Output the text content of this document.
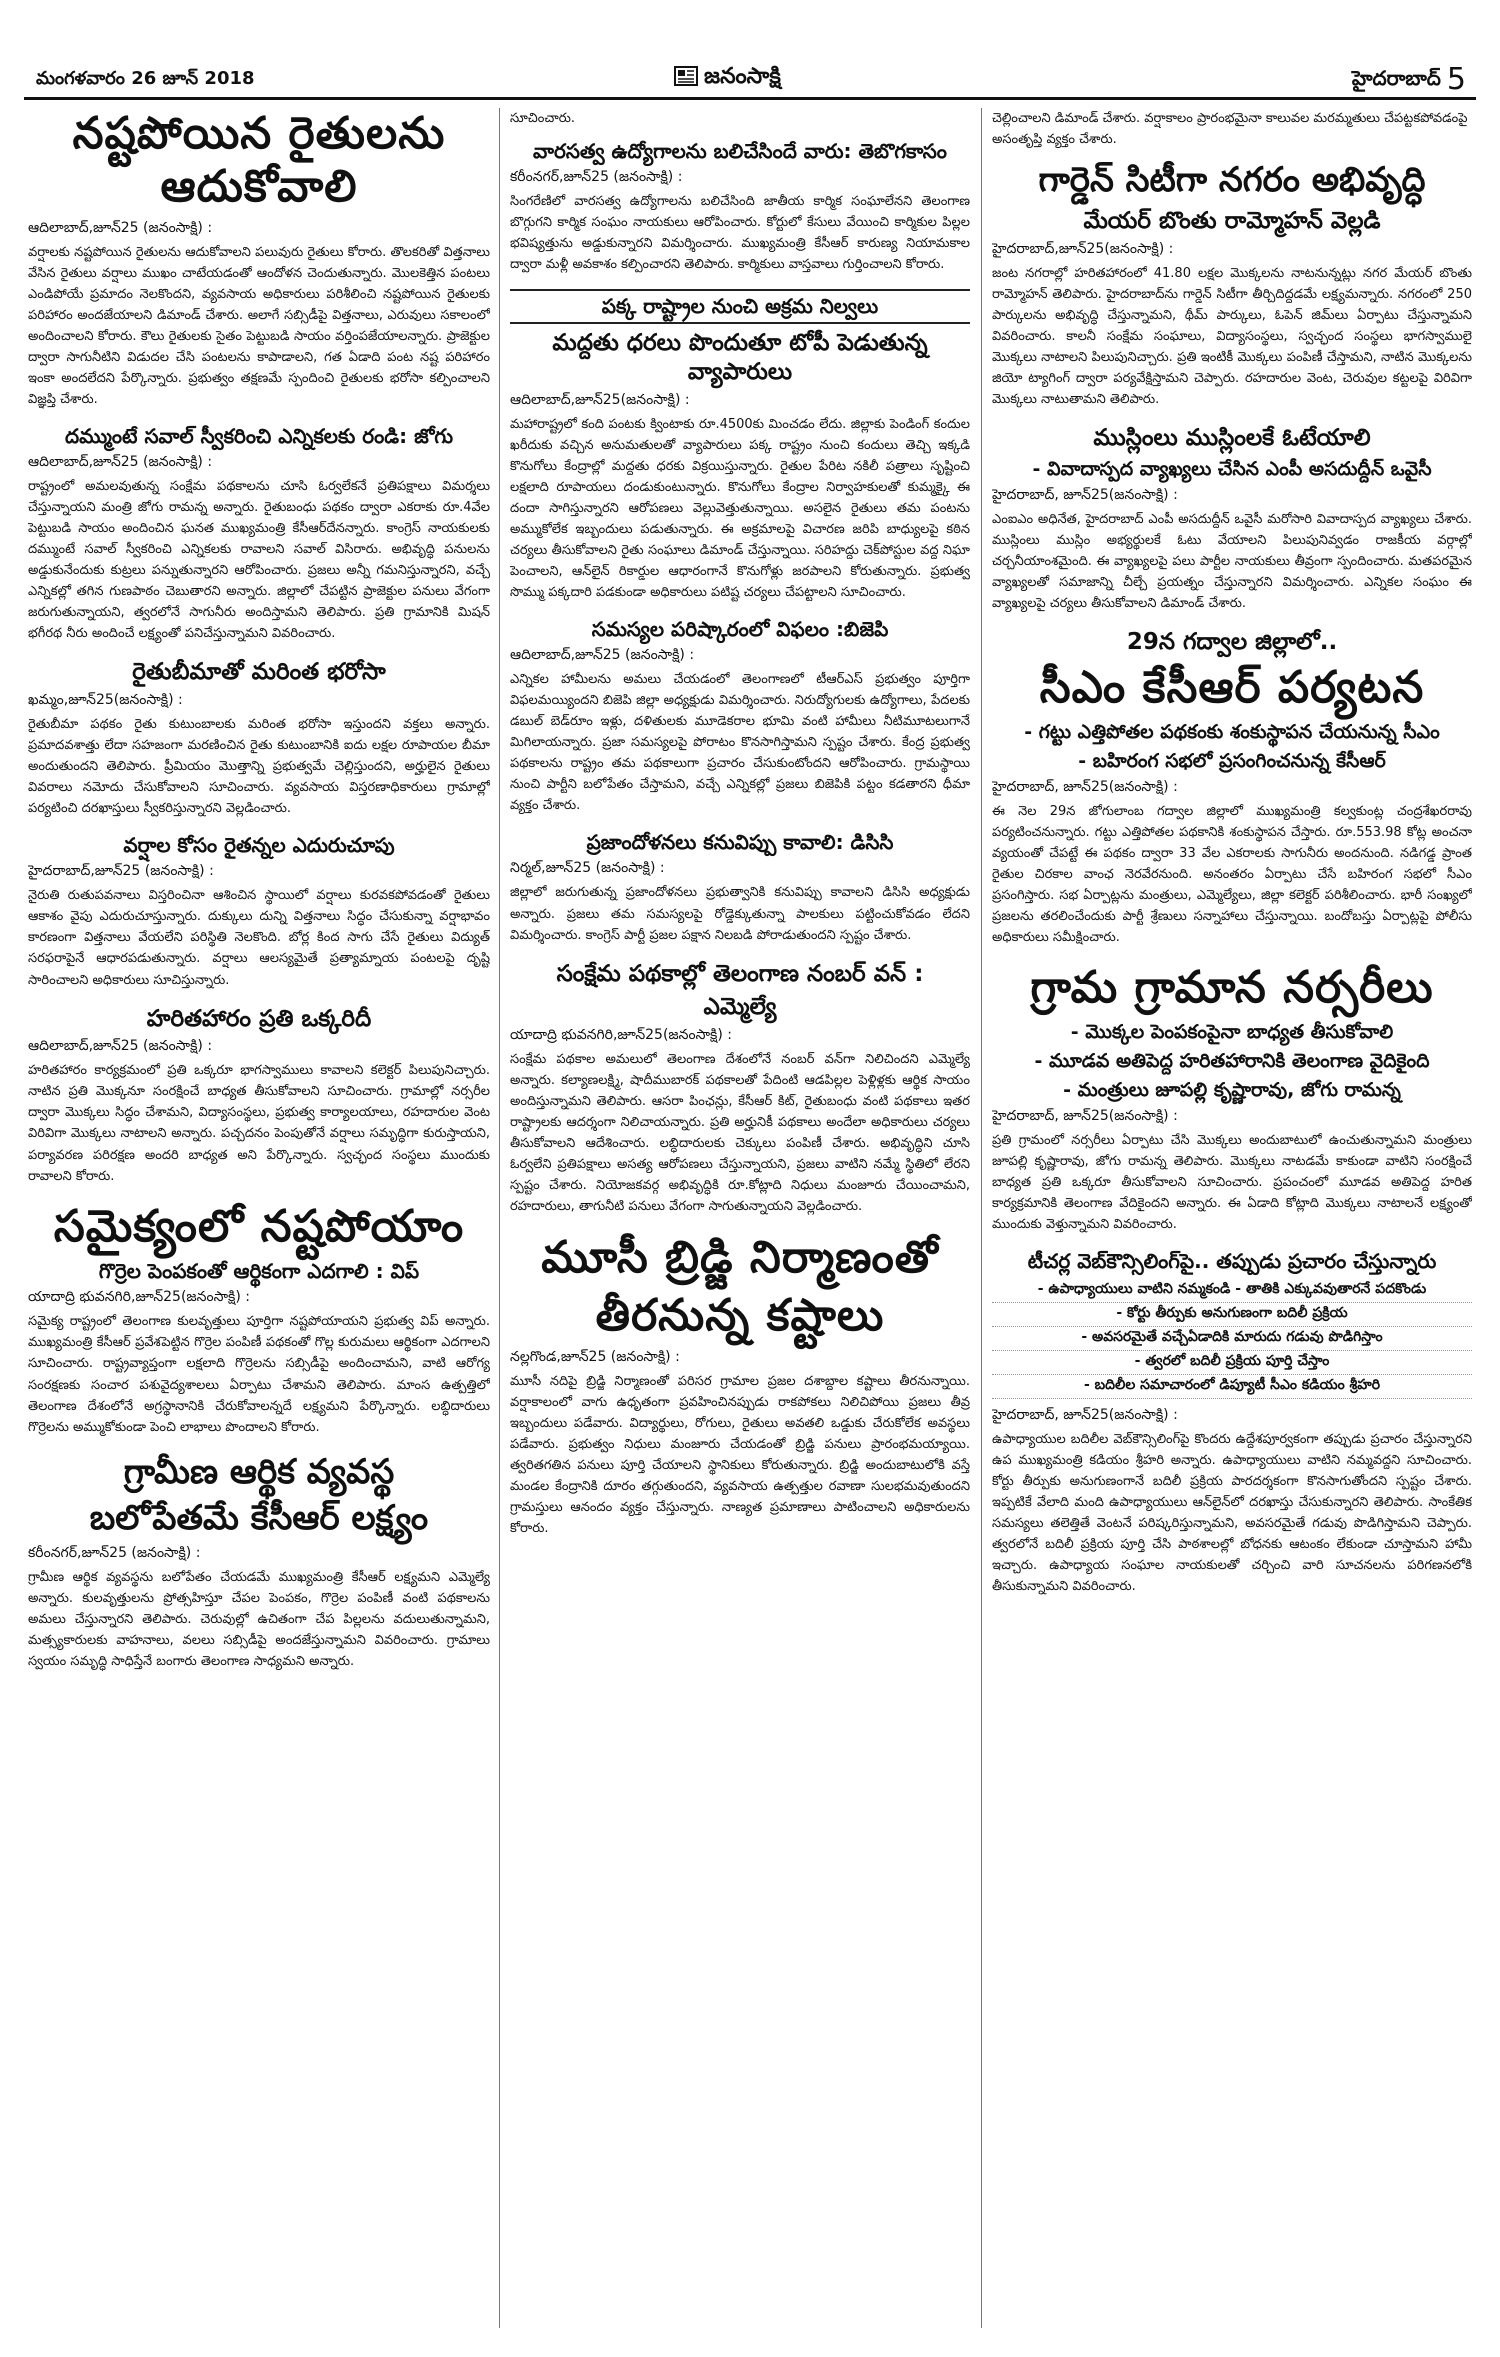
మంగళవారం 26 జూన్ 2018	జనంసాక్షి	హైదరాబాద్ 5
నష్టపోయిన రైతులను ఆదుకోవాలి
ఆదిలాబాద్,జూన్25 (జనంసాక్షి) :
వర్షాలకు నష్టపోయిన రైతులను ఆదుకోవాలని పలువురు రైతులు కోరారు. తొలకరితో విత్తనాలు వేసిన రైతులు వర్షాలు ముఖం చాటేయడంతో ఆందోళన చెందుతున్నారు. మొలకెత్తిన పంటలు ఎండిపోయే ప్రమాదం నెలకొందని, వ్యవసాయ అధికారులు పరిశీలించి నష్టపోయిన రైతులకు పరిహారం అందజేయాలని డిమాండ్ చేశారు. అలాగే సబ్సిడీపై విత్తనాలు, ఎరువులు సకాలంలో అందించాలని కోరారు. కౌలు రైతులకు సైతం పెట్టుబడి సాయం వర్తింపజేయాలన్నారు. ప్రాజెక్టుల ద్వారా సాగునీటిని విడుదల చేసి పంటలను కాపాడాలని, గత ఏడాది పంట నష్ట పరిహారం ఇంకా అందలేదని పేర్కొన్నారు. ప్రభుత్వం తక్షణమే స్పందించి రైతులకు భరోసా కల్పించాలని విజ్ఞప్తి చేశారు.
దమ్ముంటే సవాల్ స్వీకరించి ఎన్నికలకు రండి: జోగు
ఆదిలాబాద్,జూన్25 (జనంసాక్షి) :
రాష్ట్రంలో అమలవుతున్న సంక్షేమ పథకాలను చూసి ఓర్వలేకనే ప్రతిపక్షాలు విమర్శలు చేస్తున్నాయని మంత్రి జోగు రామన్న అన్నారు. రైతుబంధు పథకం ద్వారా ఎకరాకు రూ.4వేల పెట్టుబడి సాయం అందించిన ఘనత ముఖ్యమంత్రి కేసీఆర్‌దేనన్నారు. కాంగ్రెస్ నాయకులకు దమ్ముంటే సవాల్ స్వీకరించి ఎన్నికలకు రావాలని సవాల్ విసిరారు. అభివృద్ధి పనులను అడ్డుకునేందుకు కుట్రలు పన్నుతున్నారని ఆరోపించారు. ప్రజలు అన్నీ గమనిస్తున్నారని, వచ్చే ఎన్నికల్లో తగిన గుణపాఠం చెబుతారని అన్నారు. జిల్లాలో చేపట్టిన ప్రాజెక్టుల పనులు వేగంగా జరుగుతున్నాయని, త్వరలోనే సాగునీరు అందిస్తామని తెలిపారు. ప్రతి గ్రామానికి మిషన్ భగీరథ నీరు అందించే లక్ష్యంతో పనిచేస్తున్నామని వివరించారు.
రైతుబీమాతో మరింత భరోసా
ఖమ్మం,జూన్25(జనంసాక్షి) :
రైతుబీమా పథకం రైతు కుటుంబాలకు మరింత భరోసా ఇస్తుందని వక్తలు అన్నారు. ప్రమాదవశాత్తు లేదా సహజంగా మరణించిన రైతు కుటుంబానికి ఐదు లక్షల రూపాయల బీమా అందుతుందని తెలిపారు. ప్రీమియం మొత్తాన్ని ప్రభుత్వమే చెల్లిస్తుందని, అర్హులైన రైతులు వివరాలు నమోదు చేసుకోవాలని సూచించారు. వ్యవసాయ విస్తరణాధికారులు గ్రామాల్లో పర్యటించి దరఖాస్తులు స్వీకరిస్తున్నారని వెల్లడించారు.
వర్షాల కోసం రైతన్నల ఎదురుచూపు
హైదరాబాద్,జూన్25 (జనంసాక్షి) :
నైరుతి రుతుపవనాలు విస్తరించినా ఆశించిన స్థాయిలో వర్షాలు కురవకపోవడంతో రైతులు ఆకాశం వైపు ఎదురుచూస్తున్నారు. దుక్కులు దున్ని విత్తనాలు సిద్ధం చేసుకున్నా వర్షాభావం కారణంగా విత్తనాలు వేయలేని పరిస్థితి నెలకొంది. బోర్ల కింద సాగు చేసే రైతులు విద్యుత్ సరఫరాపైనే ఆధారపడుతున్నారు. వర్షాలు ఆలస్యమైతే ప్రత్యామ్నాయ పంటలపై దృష్టి సారించాలని అధికారులు సూచిస్తున్నారు.
హరితహారం ప్రతి ఒక్కరిదీ
ఆదిలాబాద్,జూన్25 (జనంసాక్షి) :
హరితహారం కార్యక్రమంలో ప్రతి ఒక్కరూ భాగస్వాములు కావాలని కలెక్టర్ పిలుపునిచ్చారు. నాటిన ప్రతి మొక్కనూ సంరక్షించే బాధ్యత తీసుకోవాలని సూచించారు. గ్రామాల్లో నర్సరీల ద్వారా మొక్కలు సిద్ధం చేశామని, విద్యాసంస్థలు, ప్రభుత్వ కార్యాలయాలు, రహదారుల వెంట విరివిగా మొక్కలు నాటాలని అన్నారు. పచ్చదనం పెంపుతోనే వర్షాలు సమృద్ధిగా కురుస్తాయని, పర్యావరణ పరిరక్షణ అందరి బాధ్యత అని పేర్కొన్నారు. స్వచ్ఛంద సంస్థలు ముందుకు రావాలని కోరారు.
సమైక్యంలో నష్టపోయాం
గొర్రెల పెంపకంతో ఆర్థికంగా ఎదగాలి : విప్
యాదాద్రి భువనగిరి,జూన్25(జనంసాక్షి) :
సమైక్య రాష్ట్రంలో తెలంగాణ కులవృత్తులు పూర్తిగా నష్టపోయాయని ప్రభుత్వ విప్ అన్నారు. ముఖ్యమంత్రి కేసీఆర్ ప్రవేశపెట్టిన గొర్రెల పంపిణీ పథకంతో గొల్ల కురుమలు ఆర్థికంగా ఎదగాలని సూచించారు. రాష్ట్రవ్యాప్తంగా లక్షలాది గొర్రెలను సబ్సిడీపై అందించామని, వాటి ఆరోగ్య సంరక్షణకు సంచార పశువైద్యశాలలు ఏర్పాటు చేశామని తెలిపారు. మాంస ఉత్పత్తిలో తెలంగాణ దేశంలోనే అగ్రస్థానానికి చేరుకోవాలన్నదే లక్ష్యమని పేర్కొన్నారు. లబ్ధిదారులు గొర్రెలను అమ్ముకోకుండా పెంచి లాభాలు పొందాలని కోరారు.
గ్రామీణ ఆర్థిక వ్యవస్థ
బలోపేతమే కేసీఆర్ లక్ష్యం
కరీంనగర్,జూన్25 (జనంసాక్షి) :
గ్రామీణ ఆర్థిక వ్యవస్థను బలోపేతం చేయడమే ముఖ్యమంత్రి కేసీఆర్ లక్ష్యమని ఎమ్మెల్యే అన్నారు. కులవృత్తులను ప్రోత్సహిస్తూ చేపల పెంపకం, గొర్రెల పంపిణీ వంటి పథకాలను అమలు చేస్తున్నారని తెలిపారు. చెరువుల్లో ఉచితంగా చేప పిల్లలను వదులుతున్నామని, మత్స్యకారులకు వాహనాలు, వలలు సబ్సిడీపై అందజేస్తున్నామని వివరించారు. గ్రామాలు స్వయం సమృద్ధి సాధిస్తేనే బంగారు తెలంగాణ సాధ్యమని అన్నారు.
సూచించారు.
వారసత్వ ఉద్యోగాలను బలిచేసిందే వారు: తెబొగకాసం
కరీంనగర్,జూన్25 (జనంసాక్షి) :
సింగరేణిలో వారసత్వ ఉద్యోగాలను బలిచేసింది జాతీయ కార్మిక సంఘాలేనని తెలంగాణ బొగ్గుగని కార్మిక సంఘం నాయకులు ఆరోపించారు. కోర్టులో కేసులు వేయించి కార్మికుల పిల్లల భవిష్యత్తును అడ్డుకున్నారని విమర్శించారు. ముఖ్యమంత్రి కేసీఆర్ కారుణ్య నియామకాల ద్వారా మళ్లీ అవకాశం కల్పించారని తెలిపారు. కార్మికులు వాస్తవాలు గుర్తించాలని కోరారు.
పక్క రాష్ట్రాల నుంచి అక్రమ నిల్వలు
మద్దతు ధరలు పొందుతూ టోపీ పెడుతున్న వ్యాపారులు
ఆదిలాబాద్,జూన్25(జనంసాక్షి) :
మహారాష్ట్రలో కంది పంటకు క్వింటాకు రూ.4500కు మించడం లేదు. జిల్లాకు పెండింగ్ కందుల ఖరీదుకు వచ్చిన అనుమతులతో వ్యాపారులు పక్క రాష్ట్రం నుంచి కందులు తెచ్చి ఇక్కడి కొనుగోలు కేంద్రాల్లో మద్దతు ధరకు విక్రయిస్తున్నారు. రైతుల పేరిట నకిలీ పత్రాలు సృష్టించి లక్షలాది రూపాయలు దండుకుంటున్నారు. కొనుగోలు కేంద్రాల నిర్వాహకులతో కుమ్మక్కై ఈ దందా సాగిస్తున్నారని ఆరోపణలు వెల్లువెత్తుతున్నాయి. అసలైన రైతులు తమ పంటను అమ్ముకోలేక ఇబ్బందులు పడుతున్నారు. ఈ అక్రమాలపై విచారణ జరిపి బాధ్యులపై కఠిన చర్యలు తీసుకోవాలని రైతు సంఘాలు డిమాండ్ చేస్తున్నాయి. సరిహద్దు చెక్‌పోస్టుల వద్ద నిఘా పెంచాలని, ఆన్‌లైన్ రికార్డుల ఆధారంగానే కొనుగోళ్లు జరపాలని కోరుతున్నారు. ప్రభుత్వ సొమ్ము పక్కదారి పడకుండా అధికారులు పటిష్ట చర్యలు చేపట్టాలని సూచించారు.
సమస్యల పరిష్కారంలో విఫలం :బిజెపి
ఆదిలాబాద్,జూన్25 (జనంసాక్షి) :
ఎన్నికల హామీలను అమలు చేయడంలో తెలంగాణలో టీఆర్ఎస్ ప్రభుత్వం పూర్తిగా విఫలమయ్యిందని బిజెపి జిల్లా అధ్యక్షుడు విమర్శించారు. నిరుద్యోగులకు ఉద్యోగాలు, పేదలకు డబుల్ బెడ్‌రూం ఇళ్లు, దళితులకు మూడెకరాల భూమి వంటి హామీలు నీటిమూటలుగానే మిగిలాయన్నారు. ప్రజా సమస్యలపై పోరాటం కొనసాగిస్తామని స్పష్టం చేశారు. కేంద్ర ప్రభుత్వ పథకాలను రాష్ట్రం తమ పథకాలుగా ప్రచారం చేసుకుంటోందని ఆరోపించారు. గ్రామస్థాయి నుంచి పార్టీని బలోపేతం చేస్తామని, వచ్చే ఎన్నికల్లో ప్రజలు బిజెపికి పట్టం కడతారని ధీమా వ్యక్తం చేశారు.
ప్రజాందోళనలు కనువిప్పు కావాలి: డిసిసి
నిర్మల్,జూన్25 (జనంసాక్షి) :
జిల్లాలో జరుగుతున్న ప్రజాందోళనలు ప్రభుత్వానికి కనువిప్పు కావాలని డిసిసి అధ్యక్షుడు అన్నారు. ప్రజలు తమ సమస్యలపై రోడ్డెక్కుతున్నా పాలకులు పట్టించుకోవడం లేదని విమర్శించారు. కాంగ్రెస్ పార్టీ ప్రజల పక్షాన నిలబడి పోరాడుతుందని స్పష్టం చేశారు.
సంక్షేమ పథకాల్లో తెలంగాణ నంబర్ వన్ :
ఎమ్మెల్యే
యాదాద్రి భువనగిరి,జూన్25(జనంసాక్షి) :
సంక్షేమ పథకాల అమలులో తెలంగాణ దేశంలోనే నంబర్ వన్‌గా నిలిచిందని ఎమ్మెల్యే అన్నారు. కల్యాణలక్ష్మి, షాదీముబారక్ పథకాలతో పేదింటి ఆడపిల్లల పెళ్లిళ్లకు ఆర్థిక సాయం అందిస్తున్నామని తెలిపారు. ఆసరా పింఛన్లు, కేసీఆర్ కిట్, రైతుబంధు వంటి పథకాలు ఇతర రాష్ట్రాలకు ఆదర్శంగా నిలిచాయన్నారు. ప్రతి అర్హునికీ పథకాలు అందేలా అధికారులు చర్యలు తీసుకోవాలని ఆదేశించారు. లబ్ధిదారులకు చెక్కులు పంపిణీ చేశారు. అభివృద్ధిని చూసి ఓర్వలేని ప్రతిపక్షాలు అసత్య ఆరోపణలు చేస్తున్నాయని, ప్రజలు వాటిని నమ్మే స్థితిలో లేరని స్పష్టం చేశారు. నియోజకవర్గ అభివృద్ధికి రూ.కోట్లాది నిధులు మంజూరు చేయించామని, రహదారులు, తాగునీటి పనులు వేగంగా సాగుతున్నాయని వెల్లడించారు.
మూసీ బ్రిడ్జి నిర్మాణంతో
తీరనున్న కష్టాలు
నల్లగొండ,జూన్25 (జనంసాక్షి) :
మూసీ నదిపై బ్రిడ్జి నిర్మాణంతో పరిసర గ్రామాల ప్రజల దశాబ్దాల కష్టాలు తీరనున్నాయి. వర్షాకాలంలో వాగు ఉధృతంగా ప్రవహించినప్పుడు రాకపోకలు నిలిచిపోయి ప్రజలు తీవ్ర ఇబ్బందులు పడేవారు. విద్యార్థులు, రోగులు, రైతులు అవతలి ఒడ్డుకు చేరుకోలేక అవస్థలు పడేవారు. ప్రభుత్వం నిధులు మంజూరు చేయడంతో బ్రిడ్జి పనులు ప్రారంభమయ్యాయి. త్వరితగతిన పనులు పూర్తి చేయాలని స్థానికులు కోరుతున్నారు. బ్రిడ్జి అందుబాటులోకి వస్తే మండల కేంద్రానికి దూరం తగ్గుతుందని, వ్యవసాయ ఉత్పత్తుల రవాణా సులభమవుతుందని గ్రామస్తులు ఆనందం వ్యక్తం చేస్తున్నారు. నాణ్యత ప్రమాణాలు పాటించాలని అధికారులను కోరారు.
చెల్లించాలని డిమాండ్ చేశారు. వర్షాకాలం ప్రారంభమైనా కాలువల మరమ్మతులు చేపట్టకపోవడంపై అసంతృప్తి వ్యక్తం చేశారు.
గార్డెన్ సిటీగా నగరం అభివృద్ధి
మేయర్ బొంతు రామ్మోహన్ వెల్లడి
హైదరాబాద్,జూన్25(జనంసాక్షి) :
జంట నగరాల్లో హరితహారంలో 41.80 లక్షల మొక్కలను నాటనున్నట్లు నగర మేయర్ బొంతు రామ్మోహన్ తెలిపారు. హైదరాబాద్‌ను గార్డెన్ సిటీగా తీర్చిదిద్దడమే లక్ష్యమన్నారు. నగరంలో 250 పార్కులను అభివృద్ధి చేస్తున్నామని, థీమ్ పార్కులు, ఓపెన్ జిమ్‌లు ఏర్పాటు చేస్తున్నామని వివరించారు. కాలనీ సంక్షేమ సంఘాలు, విద్యాసంస్థలు, స్వచ్ఛంద సంస్థలు భాగస్వాములై మొక్కలు నాటాలని పిలుపునిచ్చారు. ప్రతి ఇంటికీ మొక్కలు పంపిణీ చేస్తామని, నాటిన మొక్కలను జియో ట్యాగింగ్ ద్వారా పర్యవేక్షిస్తామని చెప్పారు. రహదారుల వెంట, చెరువుల కట్టలపై విరివిగా మొక్కలు నాటుతామని తెలిపారు.
ముస్లింలు ముస్లింలకే ఓటేయాలి
- వివాదాస్పద వ్యాఖ్యలు చేసిన ఎంపీ అసదుద్దీన్ ఒవైసీ
హైదరాబాద్, జూన్25(జనంసాక్షి) :
ఎంఐఎం అధినేత, హైదరాబాద్ ఎంపీ అసదుద్దీన్ ఒవైసీ మరోసారి వివాదాస్పద వ్యాఖ్యలు చేశారు. ముస్లింలు ముస్లిం అభ్యర్థులకే ఓటు వేయాలని పిలుపునివ్వడం రాజకీయ వర్గాల్లో చర్చనీయాంశమైంది. ఈ వ్యాఖ్యలపై పలు పార్టీల నాయకులు తీవ్రంగా స్పందించారు. మతపరమైన వ్యాఖ్యలతో సమాజాన్ని చీల్చే ప్రయత్నం చేస్తున్నారని విమర్శించారు. ఎన్నికల సంఘం ఈ వ్యాఖ్యలపై చర్యలు తీసుకోవాలని డిమాండ్ చేశారు.
29న గద్వాల జిల్లాలో..
సీఎం కేసీఆర్ పర్యటన
- గట్టు ఎత్తిపోతల పథకంకు శంకుస్థాపన చేయనున్న సీఎం
- బహిరంగ సభలో ప్రసంగించనున్న కేసీఆర్
హైదరాబాద్, జూన్25(జనంసాక్షి) :
ఈ నెల 29న జోగులాంబ గద్వాల జిల్లాలో ముఖ్యమంత్రి కల్వకుంట్ల చంద్రశేఖరరావు పర్యటించనున్నారు. గట్టు ఎత్తిపోతల పథకానికి శంకుస్థాపన చేస్తారు. రూ.553.98 కోట్ల అంచనా వ్యయంతో చేపట్టే ఈ పథకం ద్వారా 33 వేల ఎకరాలకు సాగునీరు అందనుంది. నడిగడ్డ ప్రాంత రైతుల చిరకాల వాంఛ నెరవేరనుంది. అనంతరం ఏర్పాటు చేసే బహిరంగ సభలో సీఎం ప్రసంగిస్తారు. సభ ఏర్పాట్లను మంత్రులు, ఎమ్మెల్యేలు, జిల్లా కలెక్టర్ పరిశీలించారు. భారీ సంఖ్యలో ప్రజలను తరలించేందుకు పార్టీ శ్రేణులు సన్నాహాలు చేస్తున్నాయి. బందోబస్తు ఏర్పాట్లపై పోలీసు అధికారులు సమీక్షించారు.
గ్రామ గ్రామాన నర్సరీలు
- మొక్కల పెంపకంపైనా బాధ్యత తీసుకోవాలి
- మూడవ అతిపెద్ద హరితహారానికి తెలంగాణ వైదికైంది
- మంత్రులు జూపల్లి కృష్ణారావు, జోగు రామన్న
హైదరాబాద్, జూన్25(జనంసాక్షి) :
ప్రతి గ్రామంలో నర్సరీలు ఏర్పాటు చేసి మొక్కలు అందుబాటులో ఉంచుతున్నామని మంత్రులు జూపల్లి కృష్ణారావు, జోగు రామన్న తెలిపారు. మొక్కలు నాటడమే కాకుండా వాటిని సంరక్షించే బాధ్యత ప్రతి ఒక్కరూ తీసుకోవాలని సూచించారు. ప్రపంచంలో మూడవ అతిపెద్ద హరిత కార్యక్రమానికి తెలంగాణ వేదికైందని అన్నారు. ఈ ఏడాది కోట్లాది మొక్కలు నాటాలనే లక్ష్యంతో ముందుకు వెళ్తున్నామని వివరించారు.
టీచర్ల వెబ్‌కౌన్సిలింగ్‌పై.. తప్పుడు ప్రచారం చేస్తున్నారు
- ఉపాధ్యాయులు వాటిని నమ్మకండి - తాతికి ఎక్కువవుతారనే పదకొండు
- కోర్టు తీర్పుకు అనుగుణంగా బదిలీ ప్రక్రియ
- అవసరమైతే వచ్చేఏడాదికి మారుదు గడువు పొడిగిస్తాం
- త్వరలో బదిలీ ప్రక్రియ పూర్తి చేస్తాం
- బదిలీల సమాచారంలో డిప్యూటీ సీఎం కడియం శ్రీహరి
హైదరాబాద్, జూన్25(జనంసాక్షి) :
ఉపాధ్యాయుల బదిలీల వెబ్‌కౌన్సిలింగ్‌పై కొందరు ఉద్దేశపూర్వకంగా తప్పుడు ప్రచారం చేస్తున్నారని ఉప ముఖ్యమంత్రి కడియం శ్రీహరి అన్నారు. ఉపాధ్యాయులు వాటిని నమ్మవద్దని సూచించారు. కోర్టు తీర్పుకు అనుగుణంగానే బదిలీ ప్రక్రియ పారదర్శకంగా కొనసాగుతోందని స్పష్టం చేశారు. ఇప్పటికే వేలాది మంది ఉపాధ్యాయులు ఆన్‌లైన్‌లో దరఖాస్తు చేసుకున్నారని తెలిపారు. సాంకేతిక సమస్యలు తలెత్తితే వెంటనే పరిష్కరిస్తున్నామని, అవసరమైతే గడువు పొడిగిస్తామని చెప్పారు. త్వరలోనే బదిలీ ప్రక్రియ పూర్తి చేసి పాఠశాలల్లో బోధనకు ఆటంకం లేకుండా చూస్తామని హామీ ఇచ్చారు. ఉపాధ్యాయ సంఘాల నాయకులతో చర్చించి వారి సూచనలను పరిగణనలోకి తీసుకున్నామని వివరించారు.
